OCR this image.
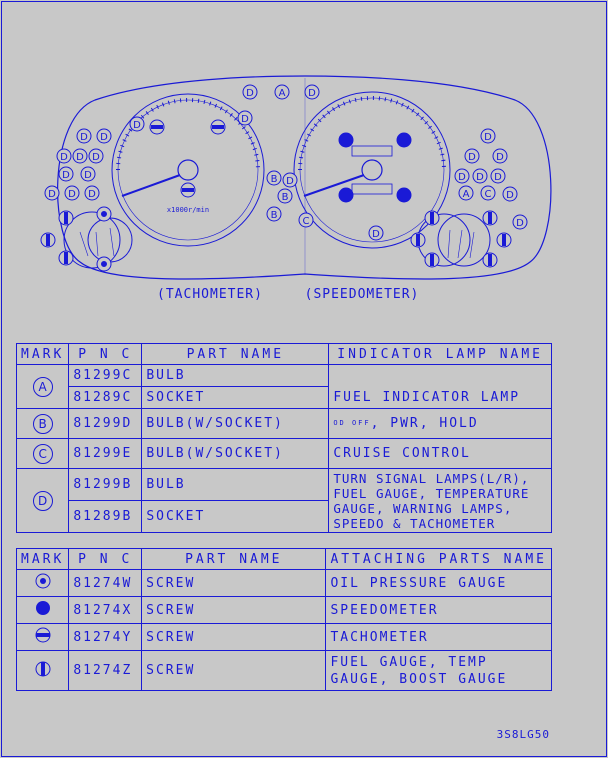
x1000r/min
D	D
D D
D D D
D D
D D D
D
D
D
D
D
D D
D D D
D
D
A
A
B
B
B
C
C
(TACHOMETER)	(SPEEDOMETER)
MARK	P N C	PART NAME	INDICATOR LAMP NAME
A	81299C	BULB	
	81289C	SOCKET	FUEL INDICATOR LAMP
B	81299D	BULB(W/SOCKET)	OD OFF, PWR, HOLD
C	81299E	BULB(W/SOCKET)	CRUISE CONTROL
D	81299B	BULB	TURN SIGNAL LAMPS(L/R), FUEL GAUGE, TEMPERATURE
GAUGE, WARNING LAMPS, SPEEDO & TACHOMETER
	81289B	SOCKET	
MARK	P N C	PART NAME	ATTACHING PARTS NAME
	81274W	SCREW	OIL PRESSURE GAUGE
	81274X	SCREW	SPEEDOMETER
	81274Y	SCREW	TACHOMETER
	81274Z	SCREW	FUEL GAUGE, TEMP GAUGE, BOOST GAUGE
3S8LG50
